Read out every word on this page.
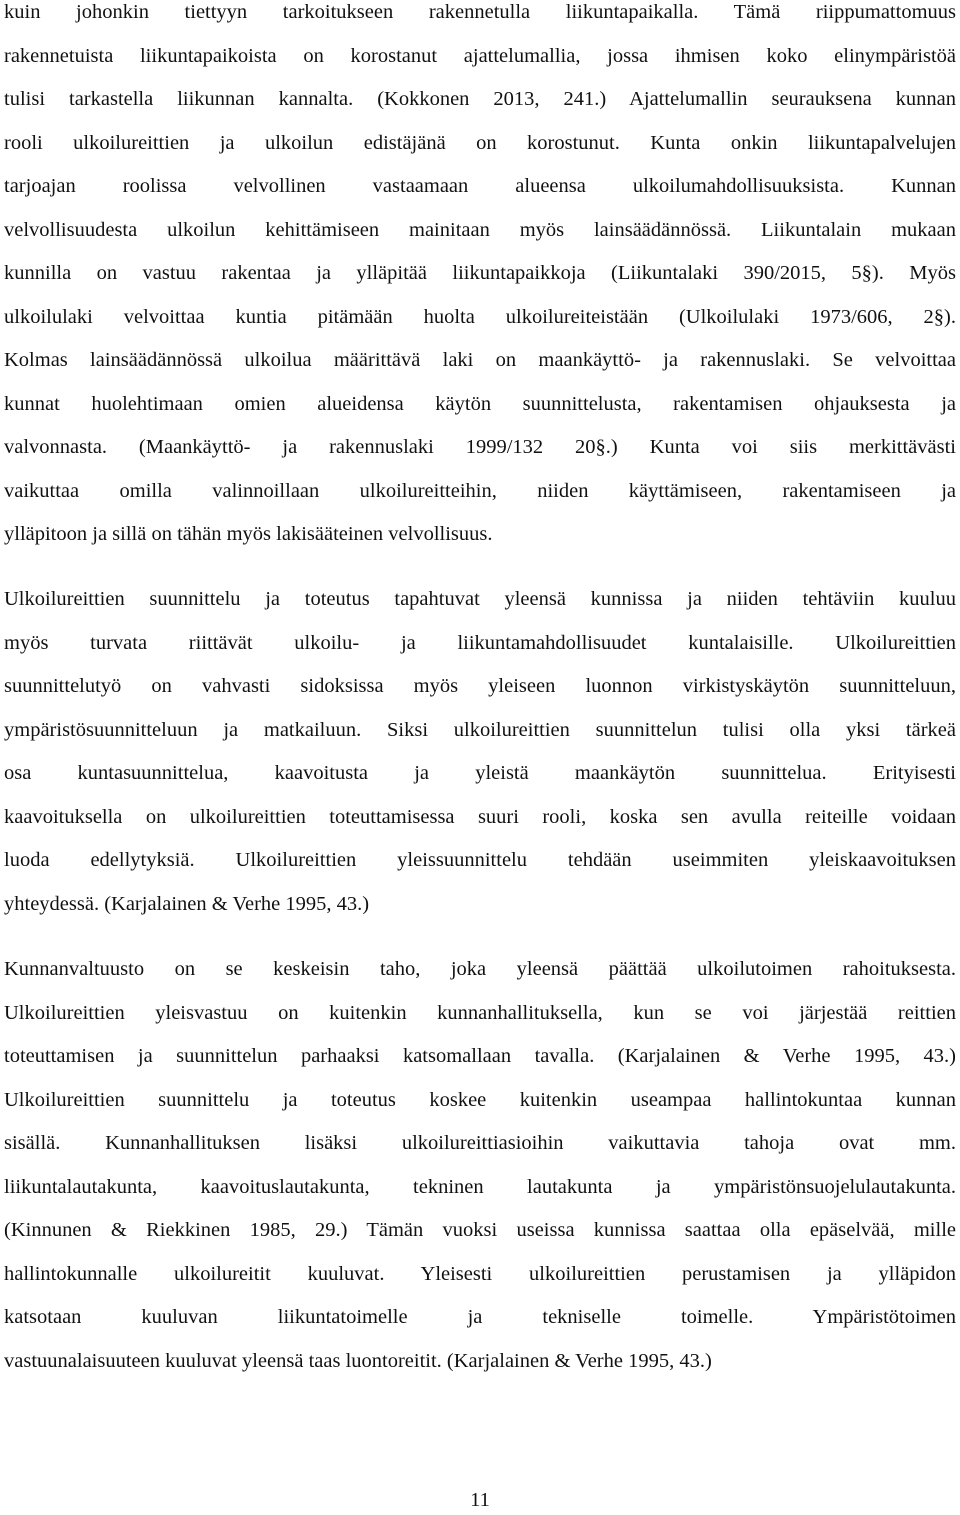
kuin johonkin tiettyyn tarkoitukseen rakennetulla liikuntapaikalla. Tämä riippumattomuus
rakennetuista liikuntapaikoista on korostanut ajattelumallia, jossa ihmisen koko elinympäristöä
tulisi tarkastella liikunnan kannalta. (Kokkonen 2013, 241.) Ajattelumallin seurauksena kunnan
rooli ulkoilureittien ja ulkoilun edistäjänä on korostunut. Kunta onkin liikuntapalvelujen
tarjoajan roolissa velvollinen vastaamaan alueensa ulkoilumahdollisuuksista. Kunnan
velvollisuudesta ulkoilun kehittämiseen mainitaan myös lainsäädännössä. Liikuntalain mukaan
kunnilla on vastuu rakentaa ja ylläpitää liikuntapaikkoja (Liikuntalaki 390/2015, 5§). Myös
ulkoilulaki velvoittaa kuntia pitämään huolta ulkoilureiteistään (Ulkoilulaki 1973/606, 2§).
Kolmas lainsäädännössä ulkoilua määrittävä laki on maankäyttö- ja rakennuslaki. Se velvoittaa
kunnat huolehtimaan omien alueidensa käytön suunnittelusta, rakentamisen ohjauksesta ja
valvonnasta. (Maankäyttö- ja rakennuslaki 1999/132 20§.) Kunta voi siis merkittävästi
vaikuttaa omilla valinnoillaan ulkoilureitteihin, niiden käyttämiseen, rakentamiseen ja
ylläpitoon ja sillä on tähän myös lakisääteinen velvollisuus.
Ulkoilureittien suunnittelu ja toteutus tapahtuvat yleensä kunnissa ja niiden tehtäviin kuuluu
myös turvata riittävät ulkoilu- ja liikuntamahdollisuudet kuntalaisille. Ulkoilureittien
suunnittelutyö on vahvasti sidoksissa myös yleiseen luonnon virkistyskäytön suunnitteluun,
ympäristösuunnitteluun ja matkailuun. Siksi ulkoilureittien suunnittelun tulisi olla yksi tärkeä
osa kuntasuunnittelua, kaavoitusta ja yleistä maankäytön suunnittelua. Erityisesti
kaavoituksella on ulkoilureittien toteuttamisessa suuri rooli, koska sen avulla reiteille voidaan
luoda edellytyksiä. Ulkoilureittien yleissuunnittelu tehdään useimmiten yleiskaavoituksen
yhteydessä. (Karjalainen & Verhe 1995, 43.)
Kunnanvaltuusto on se keskeisin taho, joka yleensä päättää ulkoilutoimen rahoituksesta.
Ulkoilureittien yleisvastuu on kuitenkin kunnanhallituksella, kun se voi järjestää reittien
toteuttamisen ja suunnittelun parhaaksi katsomallaan tavalla. (Karjalainen & Verhe 1995, 43.)
Ulkoilureittien suunnittelu ja toteutus koskee kuitenkin useampaa hallintokuntaa kunnan
sisällä. Kunnanhallituksen lisäksi ulkoilureittiasioihin vaikuttavia tahoja ovat mm.
liikuntalautakunta, kaavoituslautakunta, tekninen lautakunta ja ympäristönsuojelulautakunta.
(Kinnunen & Riekkinen 1985, 29.) Tämän vuoksi useissa kunnissa saattaa olla epäselvää, mille
hallintokunnalle ulkoilureitit kuuluvat. Yleisesti ulkoilureittien perustamisen ja ylläpidon
katsotaan kuuluvan liikuntatoimelle ja tekniselle toimelle. Ympäristötoimen
vastuunalaisuuteen kuuluvat yleensä taas luontoreitit. (Karjalainen & Verhe 1995, 43.)
11
